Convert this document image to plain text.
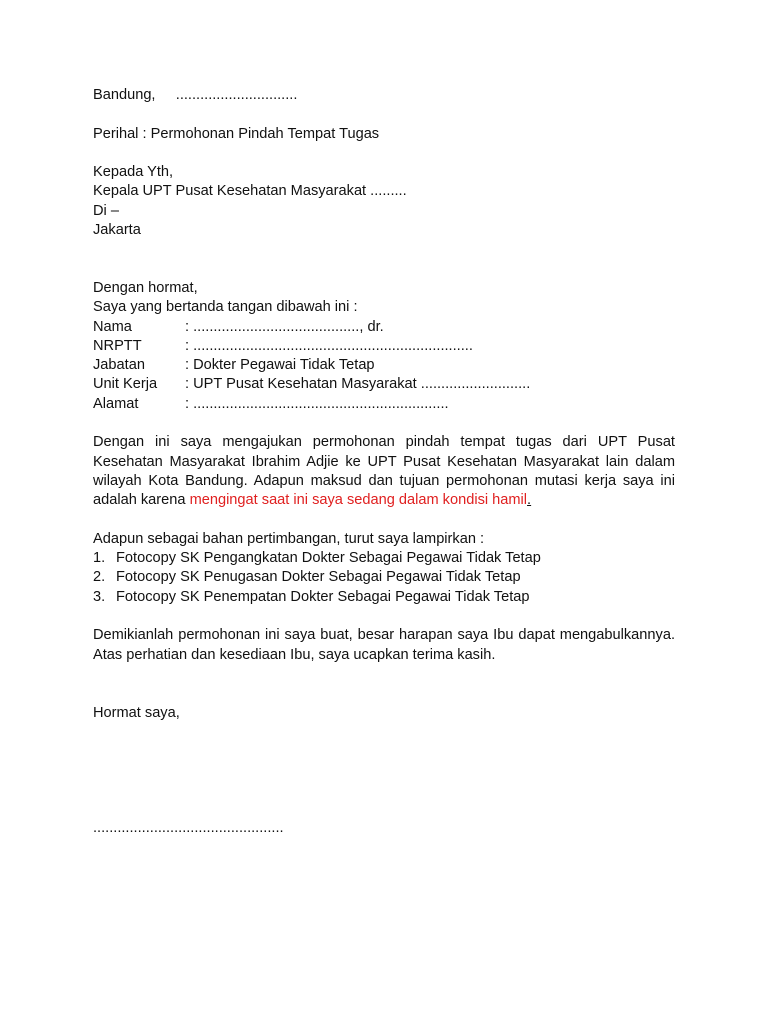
Bandung,     ..............................
Perihal : Permohonan Pindah Tempat Tugas
Kepada Yth,
Kepala UPT Pusat Kesehatan Masyarakat .........
Di –
Jakarta
Dengan hormat,
Saya yang bertanda tangan dibawah ini :
Nama	: ........................................., dr.
NRPTT	: .....................................................................
Jabatan	: Dokter Pegawai Tidak Tetap
Unit Kerja	: UPT Pusat Kesehatan Masyarakat ...........................
Alamat	: ...............................................................
Dengan ini saya mengajukan permohonan pindah tempat tugas dari UPT Pusat Kesehatan Masyarakat Ibrahim Adjie ke UPT Pusat Kesehatan Masyarakat lain dalam wilayah Kota Bandung. Adapun maksud dan tujuan permohonan mutasi kerja saya ini adalah karena mengingat saat ini saya sedang dalam kondisi hamil.
Adapun sebagai bahan pertimbangan, turut saya lampirkan :
1. Fotocopy SK Pengangkatan Dokter Sebagai Pegawai Tidak Tetap
2. Fotocopy SK Penugasan Dokter Sebagai Pegawai Tidak Tetap
3. Fotocopy SK Penempatan Dokter Sebagai Pegawai Tidak Tetap
Demikianlah permohonan ini saya buat, besar harapan saya Ibu dapat mengabulkannya. Atas perhatian dan kesediaan Ibu, saya ucapkan terima kasih.
Hormat saya,
...............................................
